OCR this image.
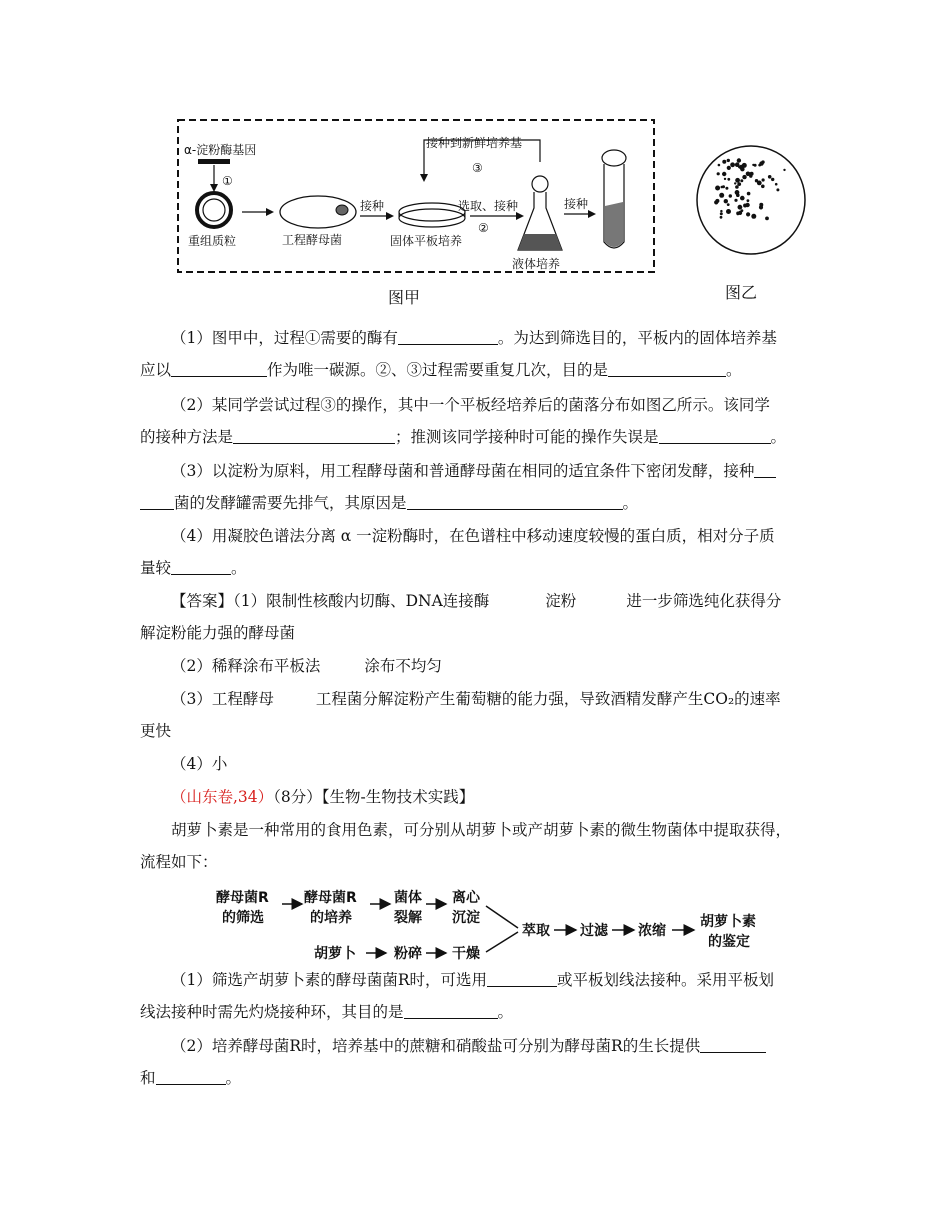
α-淀粉酶基因
①
重组质粒	工程酵母菌
接种
固体平板培养
接种到新鲜培养基
③
选取、接种
②
液体培养
接种
图甲	图乙
（1）图甲中，过程①需要的酶有	。为达到筛选目的，平板内的固体培养基
应以	作为唯一碳源。②、③过程需要重复几次，目的是	。
（2）某同学尝试过程③的操作，其中一个平板经培养后的菌落分布如图乙所示。该同学
的接种方法是	；推测该同学接种时可能的操作失误是	。
（3）以淀粉为原料，用工程酵母菌和普通酵母菌在相同的适宜条件下密闭发酵，接种
菌的发酵罐需要先排气，其原因是	。
（4）用凝胶色谱法分离 α 一淀粉酶时，在色谱柱中移动速度较慢的蛋白质，相对分子质
量较	。
【答案】（1）限制性核酸内切酶、DNA连接酶	淀粉	进一步筛选纯化获得分
解淀粉能力强的酵母菌
（2）稀释涂布平板法	涂布不均匀
（3）工程酵母	工程菌分解淀粉产生葡萄糖的能力强，导致酒精发酵产生CO₂的速率
更快
（4）小
（山东卷,34）（8分）【生物-生物技术实践】
胡萝卜素是一种常用的食用色素，可分别从胡萝卜或产胡萝卜素的微生物菌体中提取获得，
流程如下：
酵母菌R
的筛选
酵母菌R
的培养
菌体
裂解
离心
沉淀
胡萝卜	粉碎 干燥
萃取 过滤 浓缩
胡萝卜素
的鉴定
（1）筛选产胡萝卜素的酵母菌菌R时，可选用	或平板划线法接种。采用平板划
线法接种时需先灼烧接种环，其目的是	。
（2）培养酵母菌R时，培养基中的蔗糖和硝酸盐可分别为酵母菌R的生长提供
和	。
